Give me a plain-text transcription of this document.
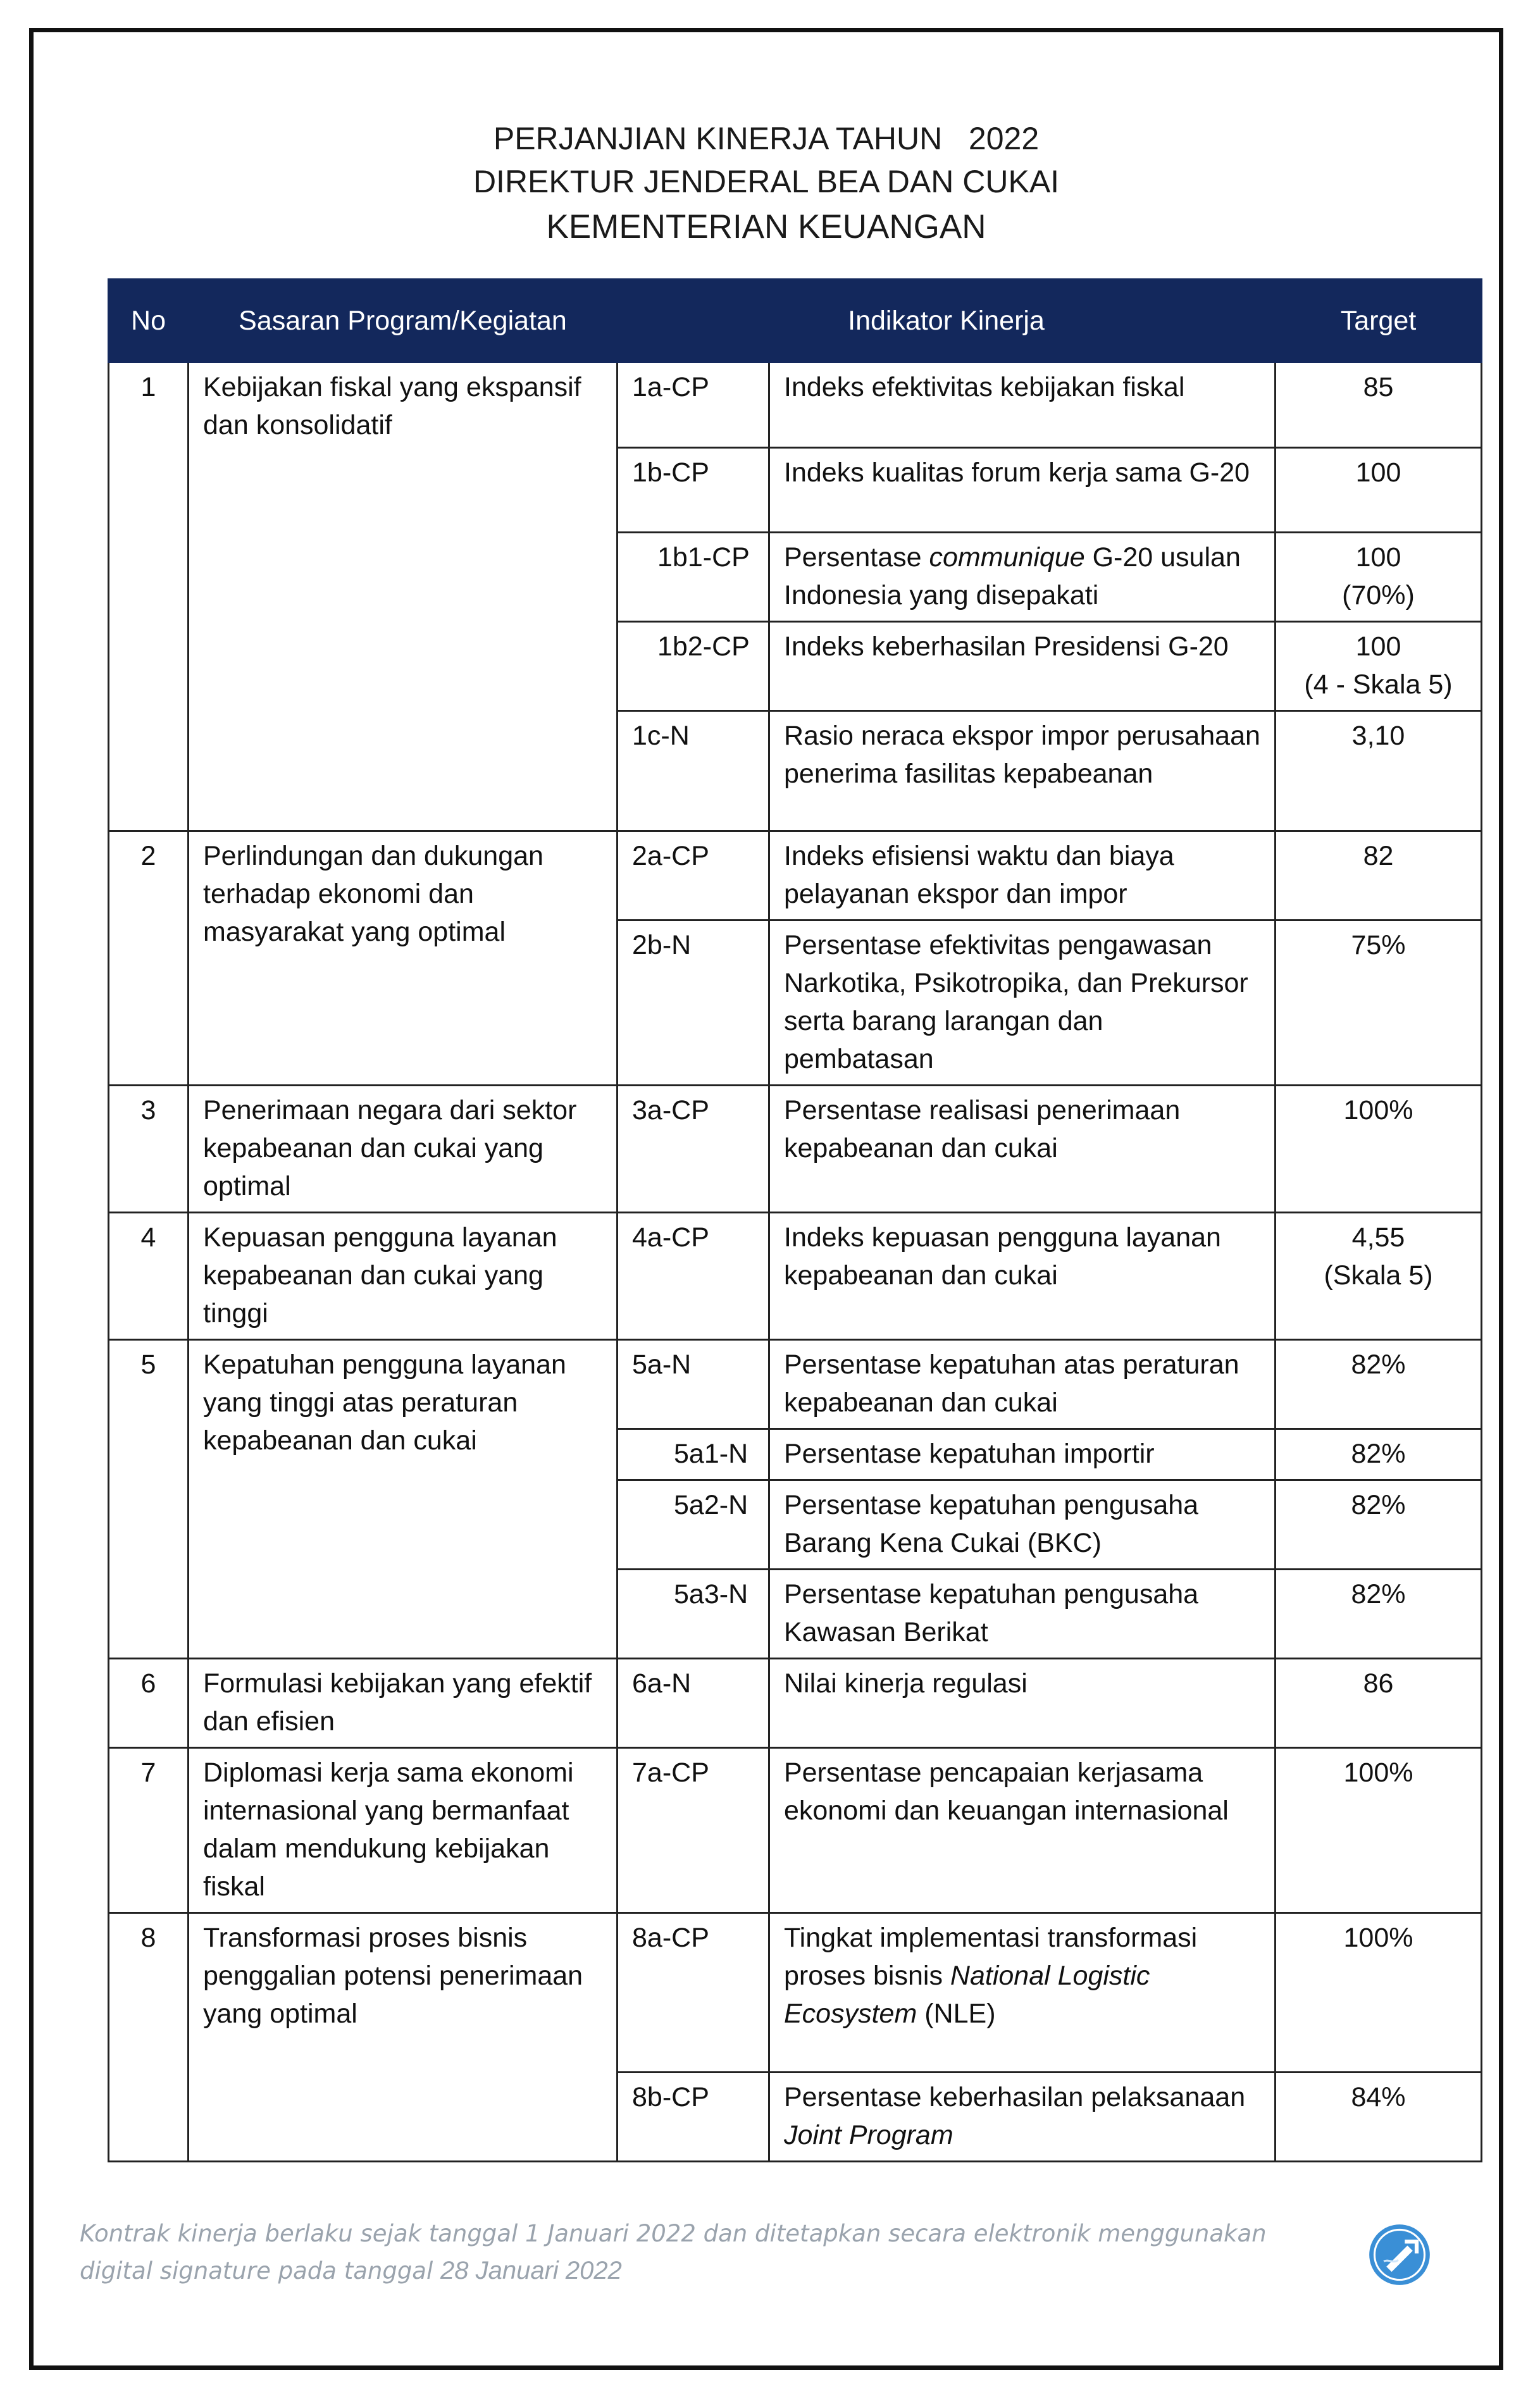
PERJANJIAN KINERJA TAHUN   2022

DIREKTUR JENDERAL BEA DAN CUKAI

KEMENTERIAN KEUANGAN

No	Sasaran Program/Kegiatan	Indikator Kinerja		Target
1	Kebijakan fiskal yang ekspansif dan konsolidatif	1a-CP	Indeks efektivitas kebijakan fiskal	85

		1b-CP	Indeks kualitas forum kerja sama G-20	100

		1b1-CP	Persentase communique G-20 usulan Indonesia yang disepakati	100
(70%)

		1b2-CP	Indeks keberhasilan Presidensi G-20	100
(4 - Skala 5)

		1c-N	Rasio neraca ekspor impor perusahaan penerima fasilitas kepabeanan	3,10

2	Perlindungan dan dukungan terhadap ekonomi dan masyarakat yang optimal	2a-CP	Indeks efisiensi waktu dan biaya pelayanan ekspor dan impor	82

		2b-N	Persentase efektivitas pengawasan Narkotika, Psikotropika, dan Prekursor serta barang larangan dan pembatasan	75%

3	Penerimaan negara dari sektor kepabeanan dan cukai yang optimal	3a-CP	Persentase realisasi penerimaan kepabeanan dan cukai	100%

4	Kepuasan pengguna layanan kepabeanan dan cukai yang tinggi	4a-CP	Indeks kepuasan pengguna layanan kepabeanan dan cukai	4,55
(Skala 5)

5	Kepatuhan pengguna layanan yang tinggi atas peraturan kepabeanan dan cukai	5a-N	Persentase kepatuhan atas peraturan kepabeanan dan cukai	82%

		5a1-N	Persentase kepatuhan importir	82%

		5a2-N	Persentase kepatuhan pengusaha Barang Kena Cukai (BKC)	82%

		5a3-N	Persentase kepatuhan pengusaha Kawasan Berikat	82%

6	Formulasi kebijakan yang efektif dan efisien	6a-N	Nilai kinerja regulasi	86

7	Diplomasi kerja sama ekonomi internasional yang bermanfaat dalam mendukung kebijakan fiskal	7a-CP	Persentase pencapaian kerjasama ekonomi dan keuangan internasional	100%

8	Transformasi proses bisnis penggalian potensi penerimaan yang optimal	8a-CP	Tingkat implementasi transformasi proses bisnis National Logistic Ecosystem (NLE)	100%

		8b-CP	Persentase keberhasilan pelaksanaan Joint Program	84%
Kontrak kinerja berlaku sejak tanggal 1 Januari 2022 dan ditetapkan secara elektronik menggunakan digital signature pada tanggal 28 Januari 2022
